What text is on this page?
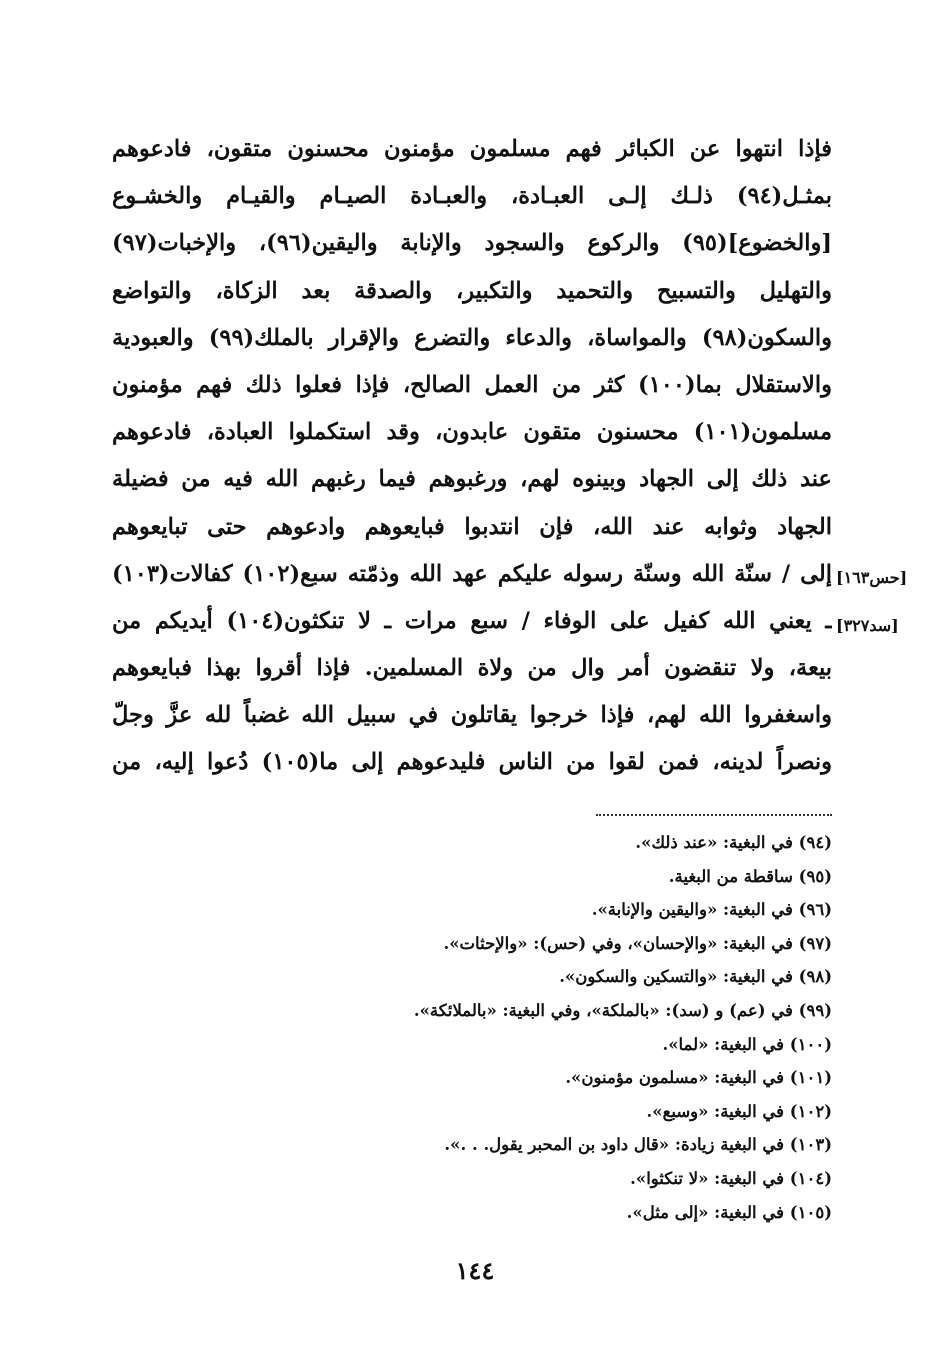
فإذا انتهوا عن الكبائر فهم مسلمون مؤمنون محسنون متقون، فادعوهم
بمثـل(٩٤) ذلـك إلـى العبـادة، والعبـادة الصيـام والقيـام والخشـوع
[والخضوع](٩٥) والركوع والسجود والإنابة واليقين(٩٦)، والإخبات(٩٧)
والتهليل والتسبيح والتحميد والتكبير، والصدقة بعد الزكاة، والتواضع
والسكون(٩٨) والمواساة، والدعاء والتضرع والإقرار بالملك(٩٩) والعبودية
والاستقلال بما(١٠٠) كثر من العمل الصالح، فإذا فعلوا ذلك فهم مؤمنون
مسلمون(١٠١) محسنون متقون عابدون، وقد استكملوا العبادة، فادعوهم
عند ذلك إلى الجهاد وبينوه لهم، ورغبوهم فيما رغبهم الله فيه من فضيلة
الجهاد وثوابه عند الله، فإن انتدبوا فبايعوهم وادعوهم حتى تبايعوهم
إلى / سنّة الله وسنّة رسوله عليكم عهد الله وذمّته سبع(١٠٢) كفالات(١٠٣)
ـ يعني الله كفيل على الوفاء / سبع مرات ـ لا تنكثون(١٠٤) أيديكم من
بيعة، ولا تنقضون أمر وال من ولاة المسلمين. فإذا أقروا بهذا فبايعوهم
واسغفروا الله لهم، فإذا خرجوا يقاتلون في سبيل الله غضباً لله عزَّ وجلّ
ونصراً لدينه، فمن لقوا من الناس فليدعوهم إلى ما(١٠٥) دُعوا إليه، من
[حس١٦٣]
[سد٣٢٧]
(٩٤) في البغية: «عند ذلك».
(٩٥) ساقطة من البغية.
(٩٦) في البغية: «واليقين والإنابة».
(٩٧) في البغية: «والإحسان»، وفي (حس): «والإحثات».
(٩٨) في البغية: «والتسكين والسكون».
(٩٩) في (عم) و (سد): «بالملكة»، وفي البغية: «بالملائكة».
(١٠٠) في البغية: «لما».
(١٠١) في البغية: «مسلمون مؤمنون».
(١٠٢) في البغية: «وسبع».
(١٠٣) في البغية زيادة: «قال داود بن المحبر يقول. . .».
(١٠٤) في البغية: «لا تنكثوا».
(١٠٥) في البغية: «إلى مثل».
١٤٤
